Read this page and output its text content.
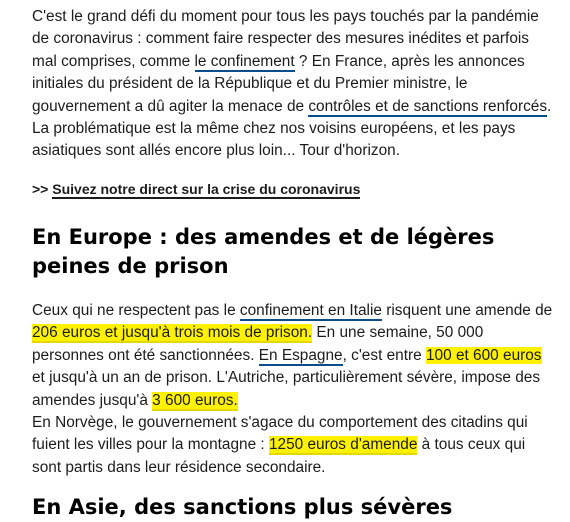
C'est le grand défi du moment pour tous les pays touchés par la pandémie de coronavirus : comment faire respecter des mesures inédites et parfois mal comprises, comme le confinement ? En France, après les annonces initiales du président de la République et du Premier ministre, le gouvernement a dû agiter la menace de contrôles et de sanctions renforcés. La problématique est la même chez nos voisins européens, et les pays asiatiques sont allés encore plus loin... Tour d'horizon.

>> Suivez notre direct sur la crise du coronavirus

En Europe : des amendes et de légères peines de prison

Ceux qui ne respectent pas le confinement en Italie risquent une amende de 206 euros et jusqu'à trois mois de prison. En une semaine, 50 000 personnes ont été sanctionnées. En Espagne, c'est entre 100 et 600 euros et jusqu'à un an de prison. L'Autriche, particulièrement sévère, impose des amendes jusqu'à 3 600 euros.

En Norvège, le gouvernement s'agace du comportement des citadins qui fuient les villes pour la montagne : 1250 euros d'amende à tous ceux qui sont partis dans leur résidence secondaire.

En Asie, des sanctions plus sévères
